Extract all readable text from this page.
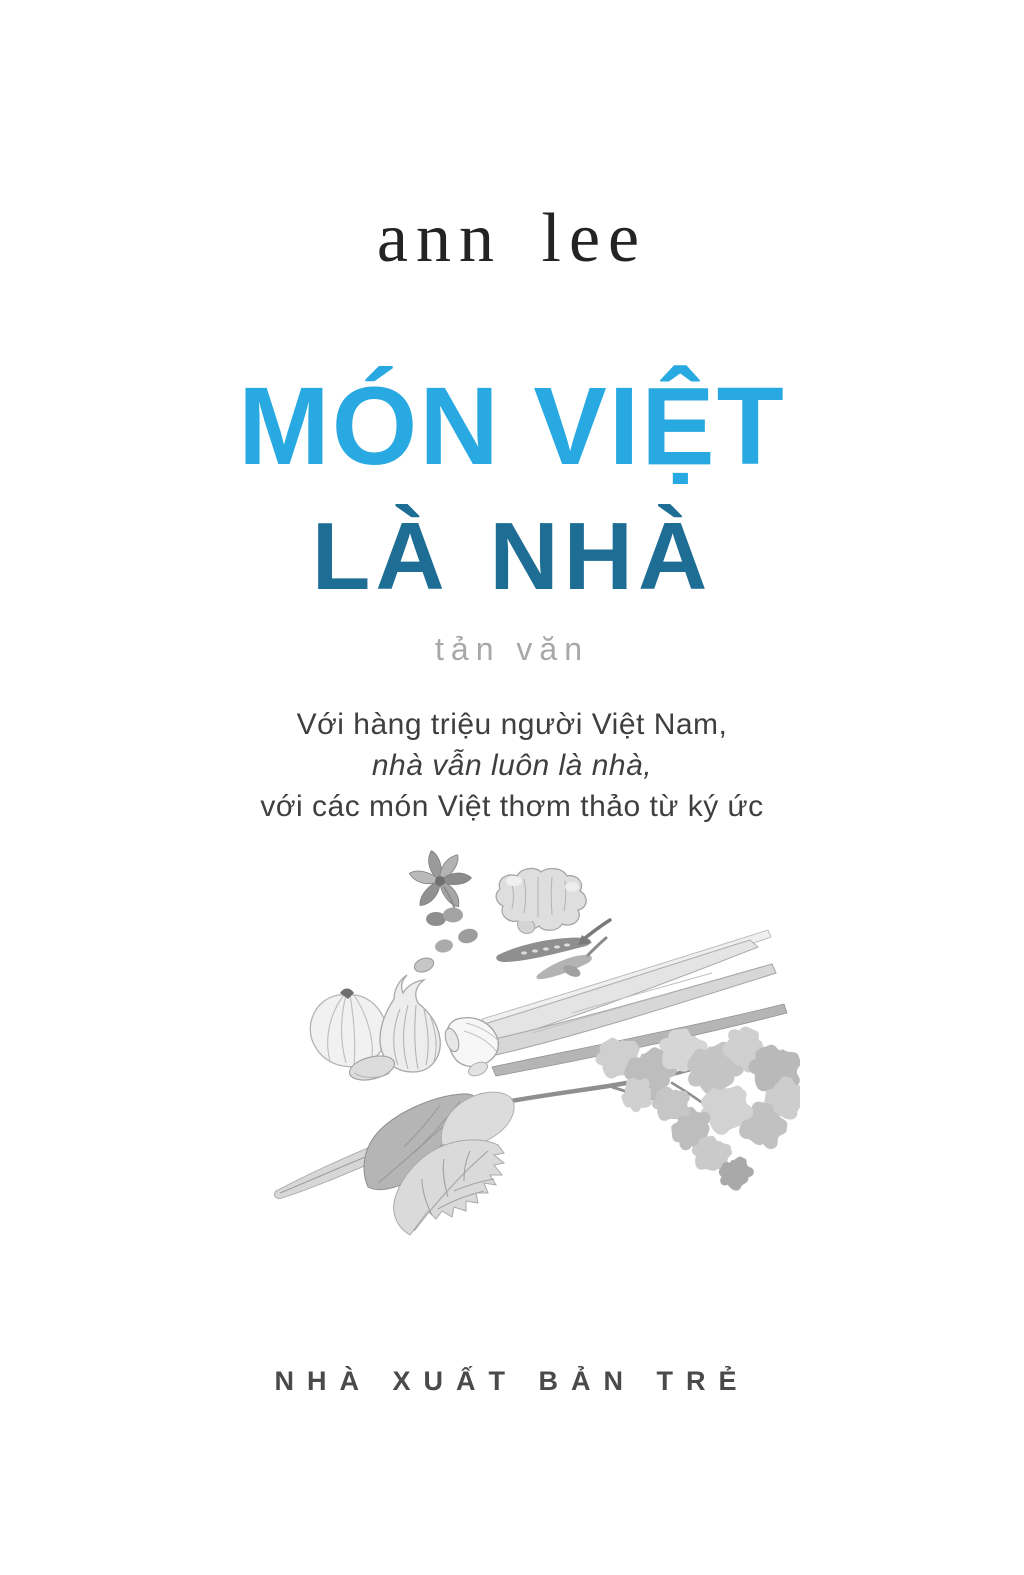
ann lee
MÓN VIỆT
LÀ NHÀ
tản văn
Với hàng triệu người Việt Nam,
nhà vẫn luôn là nhà,
với các món Việt thơm thảo từ ký ức
NHÀ XUẤT BẢN TRẺ
